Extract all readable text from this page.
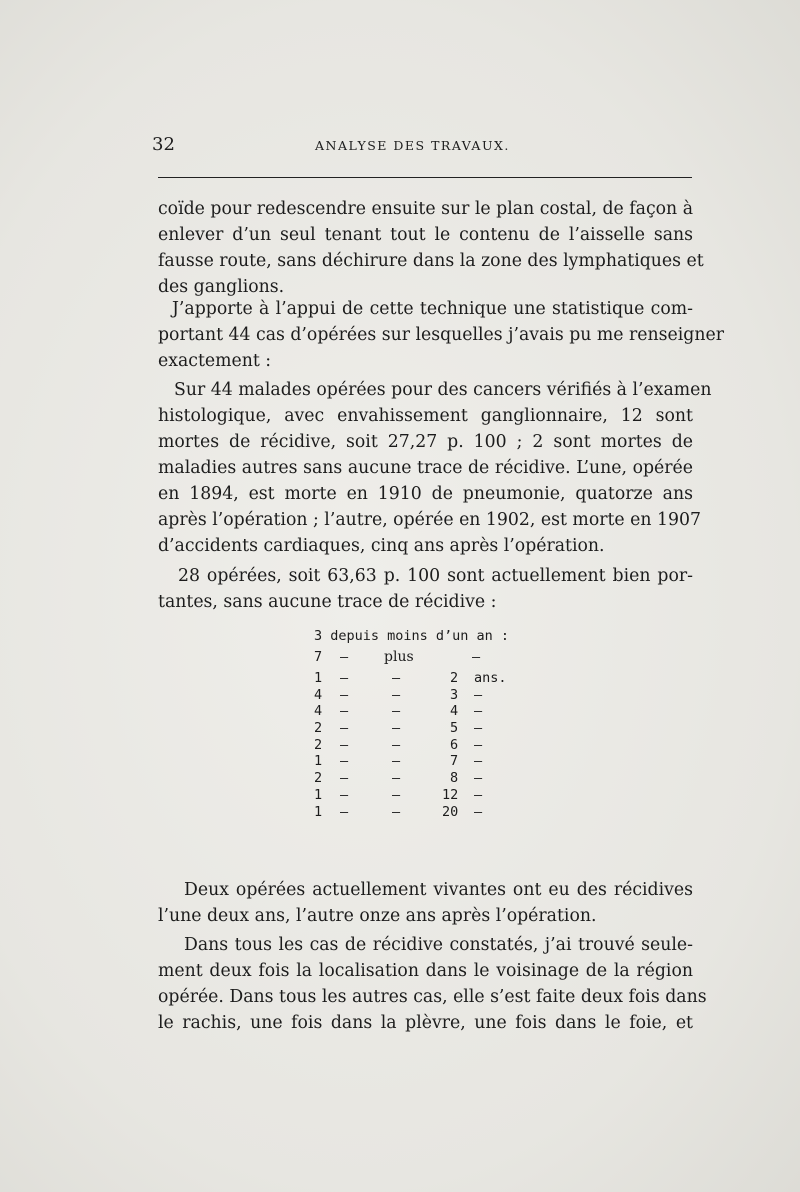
32	ANALYSE DES TRAVAUX.
coïde pour redescendre ensuite sur le plan costal, de façon à
enlever d’un seul tenant tout le contenu de l’aisselle sans
fausse route, sans déchirure dans la zone des lymphatiques et
des ganglions.
J’apporte à l’appui de cette technique une statistique com-
portant 44 cas d’opérées sur lesquelles j’avais pu me renseigner
exactement :
Sur 44 malades opérées pour des cancers vérifiés à l’examen
histologique, avec envahissement ganglionnaire, 12 sont
mortes de récidive, soit 27,27 p. 100 ; 2 sont mortes de
maladies autres sans aucune trace de récidive. L’une, opérée
en 1894, est morte en 1910 de pneumonie, quatorze ans
après l’opération ; l’autre, opérée en 1902, est morte en 1907
d’accidents cardiaques, cinq ans après l’opération.
28 opérées, soit 63,63 p. 100 sont actuellement bien por-
tantes, sans aucune trace de récidive :
3 depuis moins d’un an :
7 —	plus	—
1 —	—	2 ans.
4 —	—	3 —
4 —	—	4 —
2 —	—	5 —
2 —	—	6 —
1 —	—	7 —
2 —	—	8 —
1 —	—	12 —
1 —	—	20 —
Deux opérées actuellement vivantes ont eu des récidives
l’une deux ans, l’autre onze ans après l’opération.
Dans tous les cas de récidive constatés, j’ai trouvé seule-
ment deux fois la localisation dans le voisinage de la région
opérée. Dans tous les autres cas, elle s’est faite deux fois dans
le rachis, une fois dans la plèvre, une fois dans le foie, et
